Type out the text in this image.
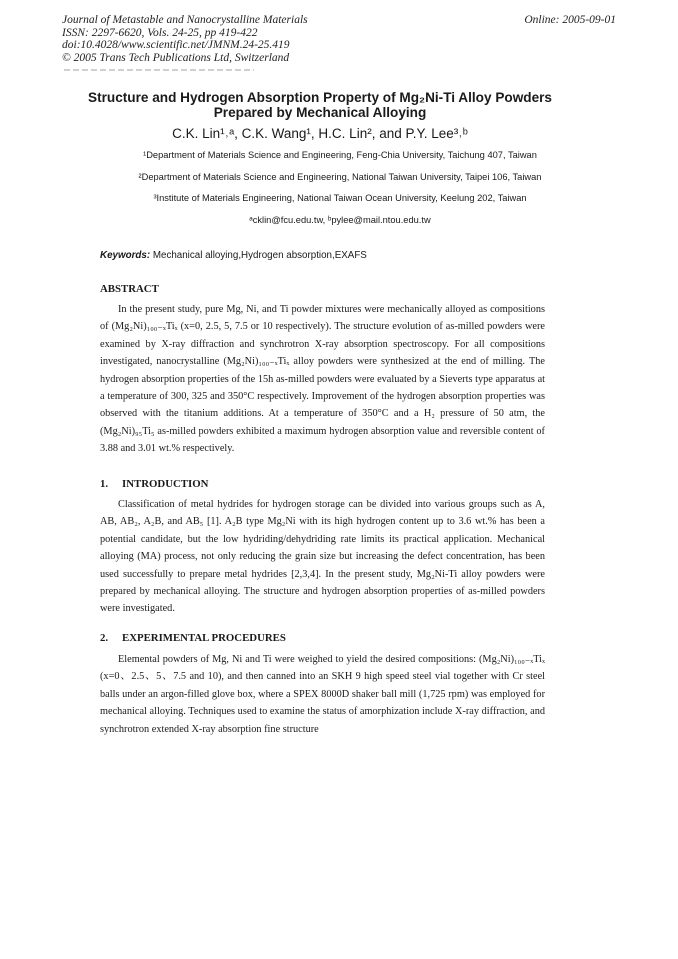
Journal of Metastable and Nanocrystalline Materials
ISSN: 2297-6620, Vols. 24-25, pp 419-422
doi:10.4028/www.scientific.net/JMNM.24-25.419
© 2005 Trans Tech Publications Ltd, Switzerland
Online: 2005-09-01
Structure and Hydrogen Absorption Property of Mg₂Ni-Ti Alloy Powders
Prepared by Mechanical Alloying
C.K. Lin¹˒ᵃ, C.K. Wang¹, H.C. Lin², and P.Y. Lee³˒ᵇ
¹Department of Materials Science and Engineering, Feng-Chia University, Taichung 407, Taiwan
²Department of Materials Science and Engineering, National Taiwan University, Taipei 106, Taiwan
³Institute of Materials Engineering, National Taiwan Ocean University, Keelung 202, Taiwan
ᵃcklin@fcu.edu.tw, ᵇpylee@mail.ntou.edu.tw
Keywords: Mechanical alloying,Hydrogen absorption,EXAFS
ABSTRACT

In the present study, pure Mg, Ni, and Ti powder mixtures were mechanically alloyed as compositions of (Mg₂Ni)₁₀₀₋ₓTiₓ (x=0, 2.5, 5, 7.5 or 10 respectively). The structure evolution of as-milled powders were examined by X-ray diffraction and synchrotron X-ray absorption spectroscopy. For all compositions investigated, nanocrystalline (Mg₂Ni)₁₀₀₋ₓTiₓ alloy powders were synthesized at the end of milling. The hydrogen absorption properties of the 15h as-milled powders were evaluated by a Sieverts type apparatus at a temperature of 300, 325 and 350°C respectively. Improvement of the hydrogen absorption properties was observed with the titanium additions. At a temperature of 350°C and a H₂ pressure of 50 atm, the (Mg₂Ni)₉₅Ti₅ as-milled powders exhibited a maximum hydrogen absorption value and reversible content of 3.88 and 3.01 wt.% respectively.

1. INTRODUCTION

Classification of metal hydrides for hydrogen storage can be divided into various groups such as A, AB, AB₂, A₂B, and AB₅ [1]. A₂B type Mg₂Ni with its high hydrogen content up to 3.6 wt.% has been a potential candidate, but the low hydriding/dehydriding rate limits its practical application. Mechanical alloying (MA) process, not only reducing the grain size but increasing the defect concentration, has been used successfully to prepare metal hydrides [2,3,4]. In the present study, Mg₂Ni-Ti alloy powders were prepared by mechanical alloying. The structure and hydrogen absorption properties of as-milled powders were investigated.

2. EXPERIMENTAL PROCEDURES

Elemental powders of Mg, Ni and Ti were weighed to yield the desired compositions: (Mg₂Ni)₁₀₀₋ₓTiₓ (x=0、2.5、5、7.5 and 10), and then canned into an SKH 9 high speed steel vial together with Cr steel balls under an argon-filled glove box, where a SPEX 8000D shaker ball mill (1,725 rpm) was employed for mechanical alloying. Techniques used to examine the status of amorphization include X-ray diffraction, and synchrotron extended X-ray absorption fine structure
